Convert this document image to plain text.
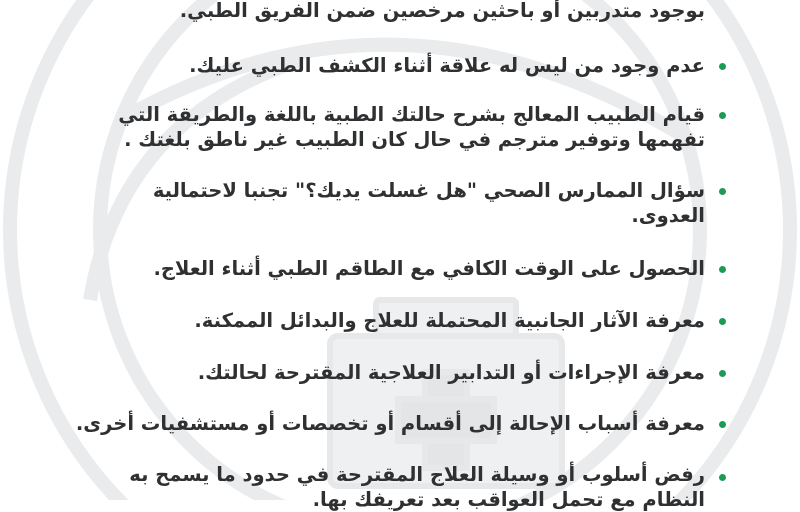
بوجود متدربين أو باحثين مرخصين ضمن الفريق الطبي.
عدم وجود من ليس له علاقة أثناء الكشف الطبي عليك.
قيام الطبيب المعالج بشرح حالتك الطبية باللغة والطريقة التي
تفهمها وتوفير مترجم في حال كان الطبيب غير ناطق بلغتك .
سؤال الممارس الصحي "هل غسلت يديك؟" تجنبا لاحتمالية
العدوى.
الحصول على الوقت الكافي مع الطاقم الطبي أثناء العلاج.
معرفة الآثار الجانبية المحتملة للعلاج والبدائل الممكنة.
معرفة الإجراءات أو التدابير العلاجية المقترحة لحالتك.
معرفة أسباب الإحالة إلى أقسام أو تخصصات أو مستشفيات أخرى.
رفض أسلوب أو وسيلة العلاج المقترحة في حدود ما يسمح به
النظام مع تحمل العواقب بعد تعريفك بها.
